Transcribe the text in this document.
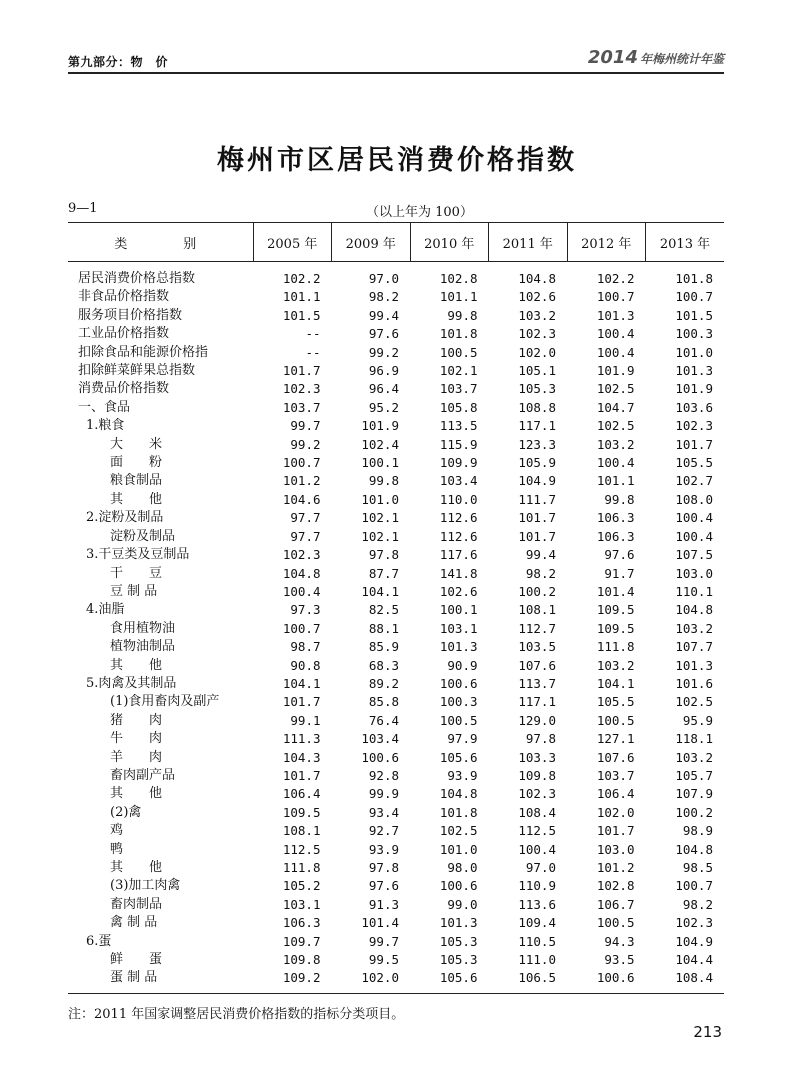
第九部分：物　价	2014 年梅州统计年鉴
梅州市区居民消费价格指数
9—1	（以上年为 100）
类　　别	2005 年	2009 年	2010 年	2011 年	2012 年	2013 年
居民消费价格总指数	102.2	97.0	102.8	104.8	102.2	101.8
非食品价格指数	101.1	98.2	101.1	102.6	100.7	100.7
服务项目价格指数	101.5	99.4	99.8	103.2	101.3	101.5
工业品价格指数	--	97.6	101.8	102.3	100.4	100.3
扣除食品和能源价格指	--	99.2	100.5	102.0	100.4	101.0
扣除鲜菜鲜果总指数	101.7	96.9	102.1	105.1	101.9	101.3
消费品价格指数	102.3	96.4	103.7	105.3	102.5	101.9
一、食品	103.7	95.2	105.8	108.8	104.7	103.6
1.粮食	99.7	101.9	113.5	117.1	102.5	102.3
大　　米	99.2	102.4	115.9	123.3	103.2	101.7
面　　粉	100.7	100.1	109.9	105.9	100.4	105.5
粮食制品	101.2	99.8	103.4	104.9	101.1	102.7
其　　他	104.6	101.0	110.0	111.7	99.8	108.0
2.淀粉及制品	97.7	102.1	112.6	101.7	106.3	100.4
淀粉及制品	97.7	102.1	112.6	101.7	106.3	100.4
3.干豆类及豆制品	102.3	97.8	117.6	99.4	97.6	107.5
干　　豆	104.8	87.7	141.8	98.2	91.7	103.0
豆 制 品	100.4	104.1	102.6	100.2	101.4	110.1
4.油脂	97.3	82.5	100.1	108.1	109.5	104.8
食用植物油	100.7	88.1	103.1	112.7	109.5	103.2
植物油制品	98.7	85.9	101.3	103.5	111.8	107.7
其　　他	90.8	68.3	90.9	107.6	103.2	101.3
5.肉禽及其制品	104.1	89.2	100.6	113.7	104.1	101.6
(1)食用畜肉及副产	101.7	85.8	100.3	117.1	105.5	102.5
猪　　肉	99.1	76.4	100.5	129.0	100.5	95.9
牛　　肉	111.3	103.4	97.9	97.8	127.1	118.1
羊　　肉	104.3	100.6	105.6	103.3	107.6	103.2
畜肉副产品	101.7	92.8	93.9	109.8	103.7	105.7
其　　他	106.4	99.9	104.8	102.3	106.4	107.9
(2)禽	109.5	93.4	101.8	108.4	102.0	100.2
鸡	108.1	92.7	102.5	112.5	101.7	98.9
鸭	112.5	93.9	101.0	100.4	103.0	104.8
其　　他	111.8	97.8	98.0	97.0	101.2	98.5
(3)加工肉禽	105.2	97.6	100.6	110.9	102.8	100.7
畜肉制品	103.1	91.3	99.0	113.6	106.7	98.2
禽 制 品	106.3	101.4	101.3	109.4	100.5	102.3
6.蛋	109.7	99.7	105.3	110.5	94.3	104.9
鲜　　蛋	109.8	99.5	105.3	111.0	93.5	104.4
蛋 制 品	109.2	102.0	105.6	106.5	100.6	108.4
注：2011 年国家调整居民消费价格指数的指标分类项目。
213
